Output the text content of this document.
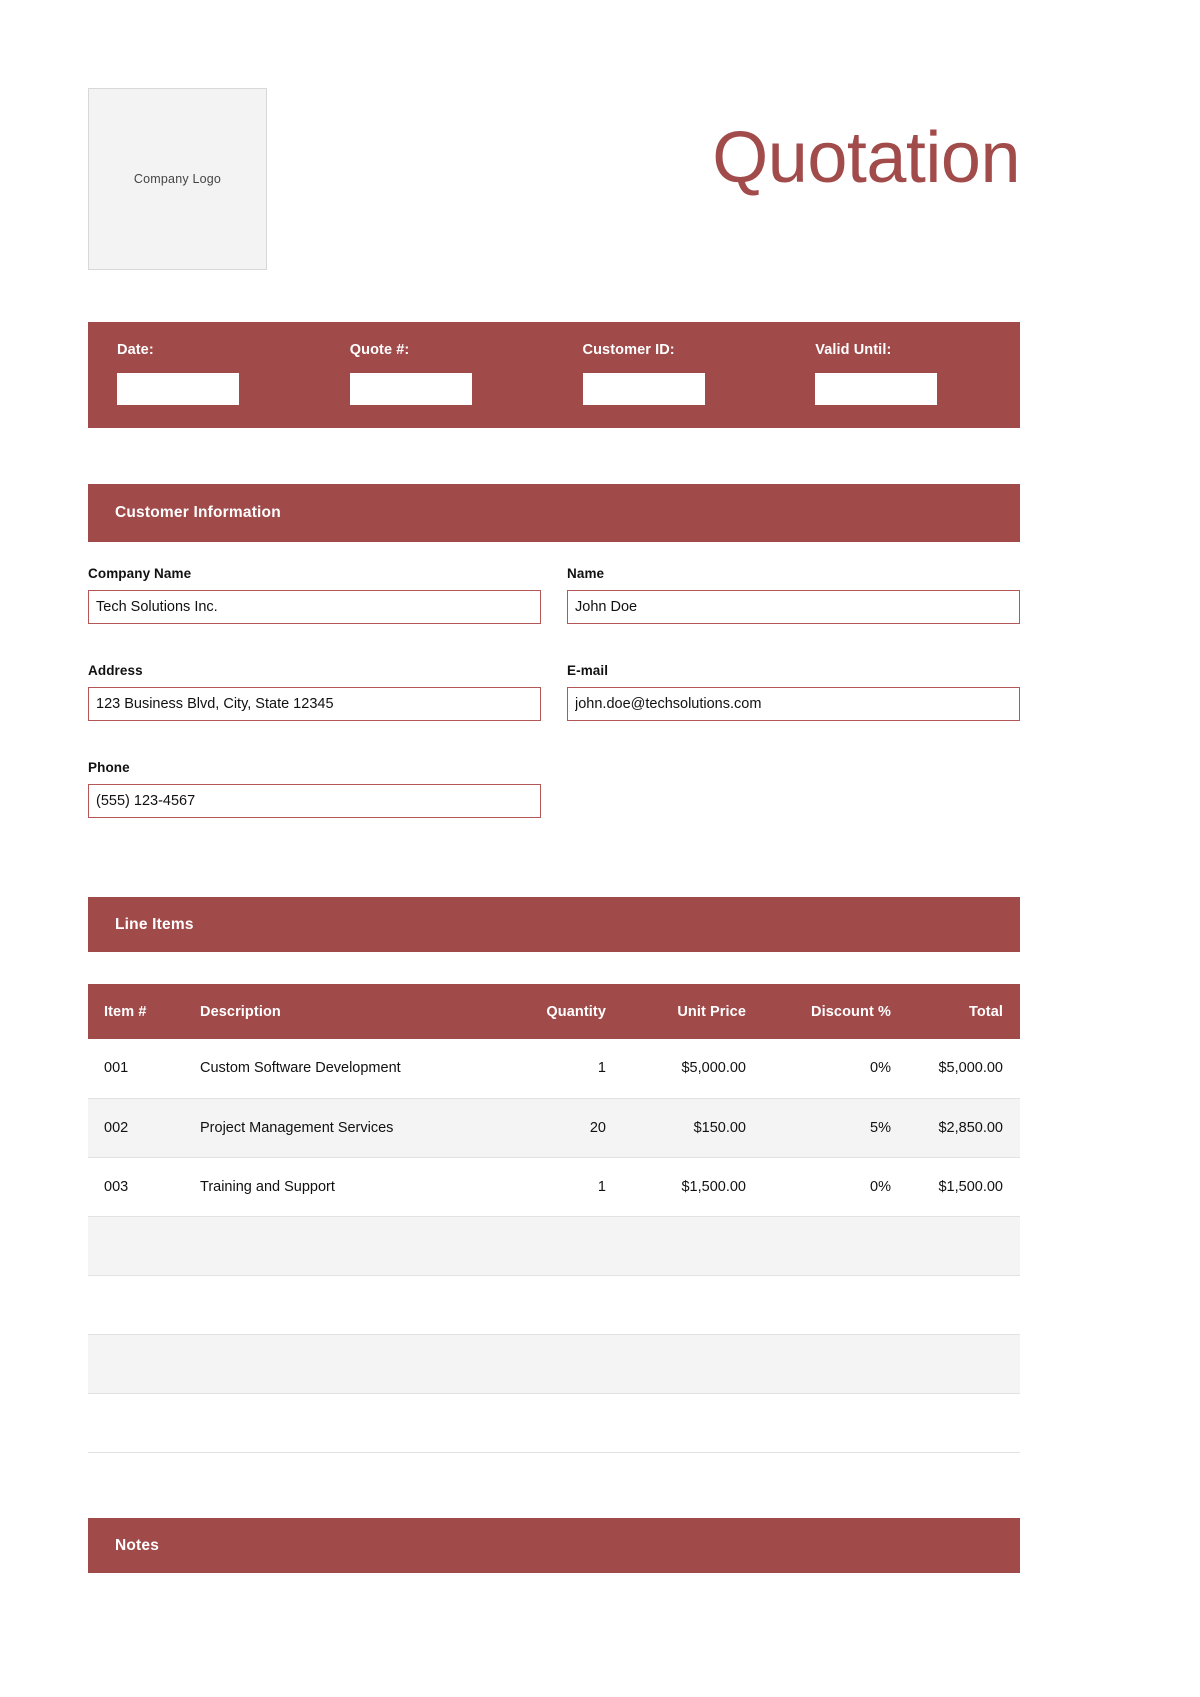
Company Logo	Quotation
Date:	Quote #:	Customer ID:	Valid Until:
Customer Information
Company Name
Tech Solutions Inc.	Name
John Doe
Address
123 Business Blvd, City, State 12345	E-mail
john.doe@techsolutions.com
Phone
(555) 123-4567
Line Items
Item #	Description	Quantity	Unit Price	Discount %	Total
001	Custom Software Development	1	$5,000.00	0%	$5,000.00
002	Project Management Services	20	$150.00	5%	$2,850.00
003	Training and Support	1	$1,500.00	0%	$1,500.00

Notes
